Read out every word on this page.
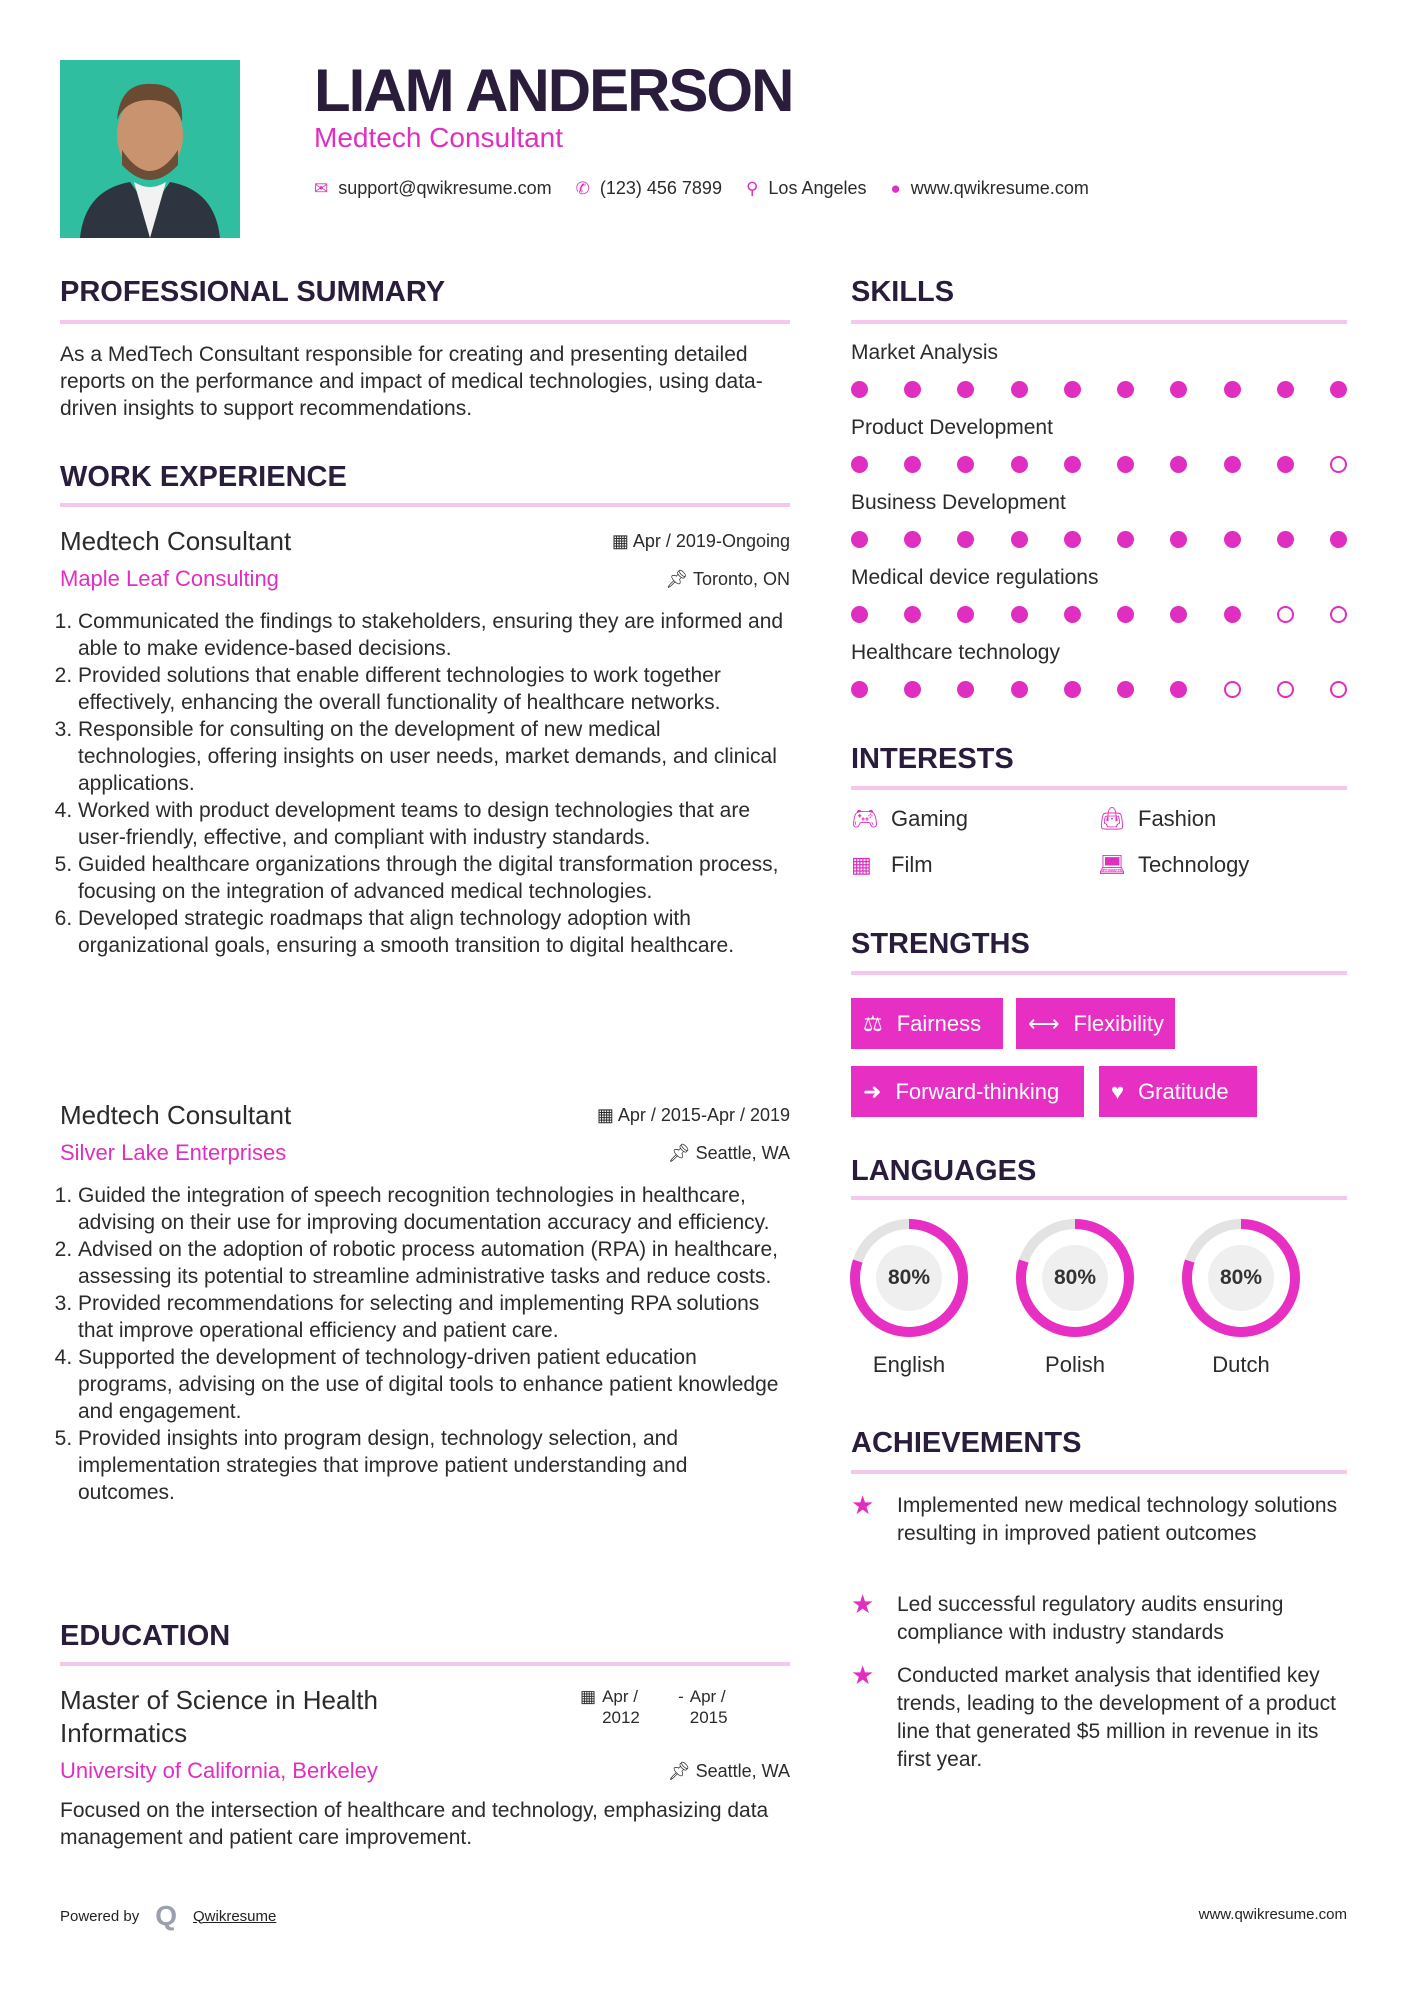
LIAM ANDERSON
Medtech Consultant
✉ support@qwikresume.com ✆ (123) 456 7899 ⚲ Los Angeles ● www.qwikresume.com
PROFESSIONAL SUMMARY
As a MedTech Consultant responsible for creating and presenting detailed reports on the performance and impact of medical technologies, using data-driven insights to support recommendations.
WORK EXPERIENCE
Medtech Consultant	▦ Apr / 2019-Ongoing
Maple Leaf Consulting	📌︎ Toronto, ON
1. Communicated the findings to stakeholders, ensuring they are informed and able to make evidence-based decisions.
2. Provided solutions that enable different technologies to work together effectively, enhancing the overall functionality of healthcare networks.
3. Responsible for consulting on the development of new medical technologies, offering insights on user needs, market demands, and clinical applications.
4. Worked with product development teams to design technologies that are user-friendly, effective, and compliant with industry standards.
5. Guided healthcare organizations through the digital transformation process, focusing on the integration of advanced medical technologies.
6. Developed strategic roadmaps that align technology adoption with organizational goals, ensuring a smooth transition to digital healthcare.
Medtech Consultant	▦ Apr / 2015-Apr / 2019
Silver Lake Enterprises	📌︎ Seattle, WA
1. Guided the integration of speech recognition technologies in healthcare, advising on their use for improving documentation accuracy and efficiency.
2. Advised on the adoption of robotic process automation (RPA) in healthcare, assessing its potential to streamline administrative tasks and reduce costs.
3. Provided recommendations for selecting and implementing RPA solutions that improve operational efficiency and patient care.
4. Supported the development of technology-driven patient education programs, advising on the use of digital tools to enhance patient knowledge and engagement.
5. Provided insights into program design, technology selection, and implementation strategies that improve patient understanding and outcomes.
EDUCATION
Master of Science in Health Informatics
▦ Apr / 2012
- Apr / 2015
University of California, Berkeley	📌︎ Seattle, WA
Focused on the intersection of healthcare and technology, emphasizing data management and patient care improvement.
Powered by Q Qwikresume	www.qwikresume.com
SKILLS
Market Analysis
Product Development
Business Development
Medical device regulations
Healthcare technology
INTERESTS
🎮︎ Gaming	👜︎ Fashion
▦ Film	💻︎ Technology
STRENGTHS
⚖ Fairness ⟷ Flexibility
➜ Forward-thinking ♥ Gratitude
LANGUAGES
80%
English
80%
Polish
80%
Dutch
ACHIEVEMENTS
★	Implemented new medical technology solutions resulting in improved patient outcomes
★	Led successful regulatory audits ensuring compliance with industry standards
★	Conducted market analysis that identified key trends, leading to the development of a product line that generated $5 million in revenue in its first year.
